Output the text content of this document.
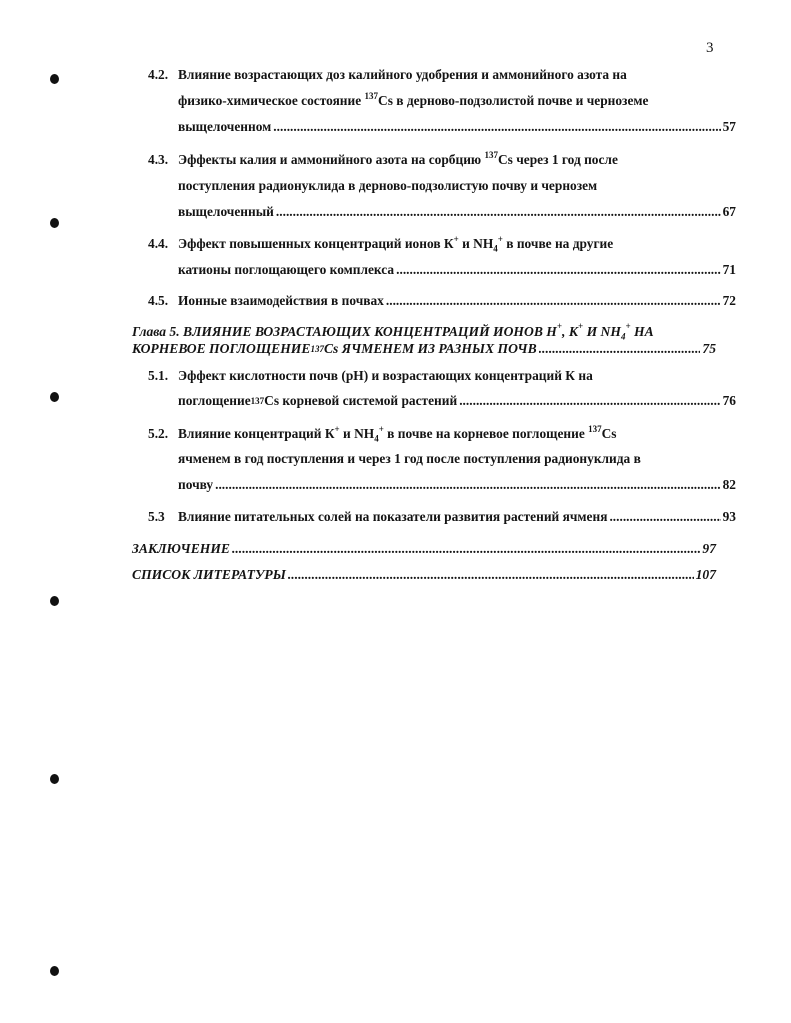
3
4.2. Влияние возрастающих доз калийного удобрения и аммонийного азота на
физико-химическое состояние $^{137}$Cs в дерново-подзолистой почве и черноземе
выщелоченном .....	57
4.3. Эффекты калия и аммонийного азота на сорбцию $^{137}$Cs через 1 год после
поступления радионуклида в дерново-подзолистую почву и чернозем
выщелоченный .....	67
4.4. Эффект повышенных концентраций ионов К+ и $NH_4^+$ в почве на другие
катионы поглощающего комплекса .....	71
4.5. Ионные взаимодействия в почвах .....	72
Глава 5. ВЛИЯНИЕ ВОЗРАСТАЮЩИХ КОНЦЕНТРАЦИЙ ИОНОВ Н+, К+ И $NH_4^+$ НА
КОРНЕВОЕ ПОГЛОЩЕНИЕ $^{137}$ Cs ЯЧМЕНЕМ ИЗ РАЗНЫХ ПОЧВ .....	75
5.1. Эффект кислотности почв (pH) и возрастающих концентраций К на
поглощение $^{137}$ Cs корневой системой растений .....	76
5.2. Влияние концентраций К+ и $NH_4^+$ в почве на корневое поглощение $^{137}$Cs
ячменем в год поступления и через 1 год после поступления радионуклида в
почву .....	82
5.3 Влияние питательных солей на показатели развития растений ячменя .....	93
ЗАКЛЮЧЕНИЕ .....	97
СПИСОК ЛИТЕРАТУРЫ .....	107
